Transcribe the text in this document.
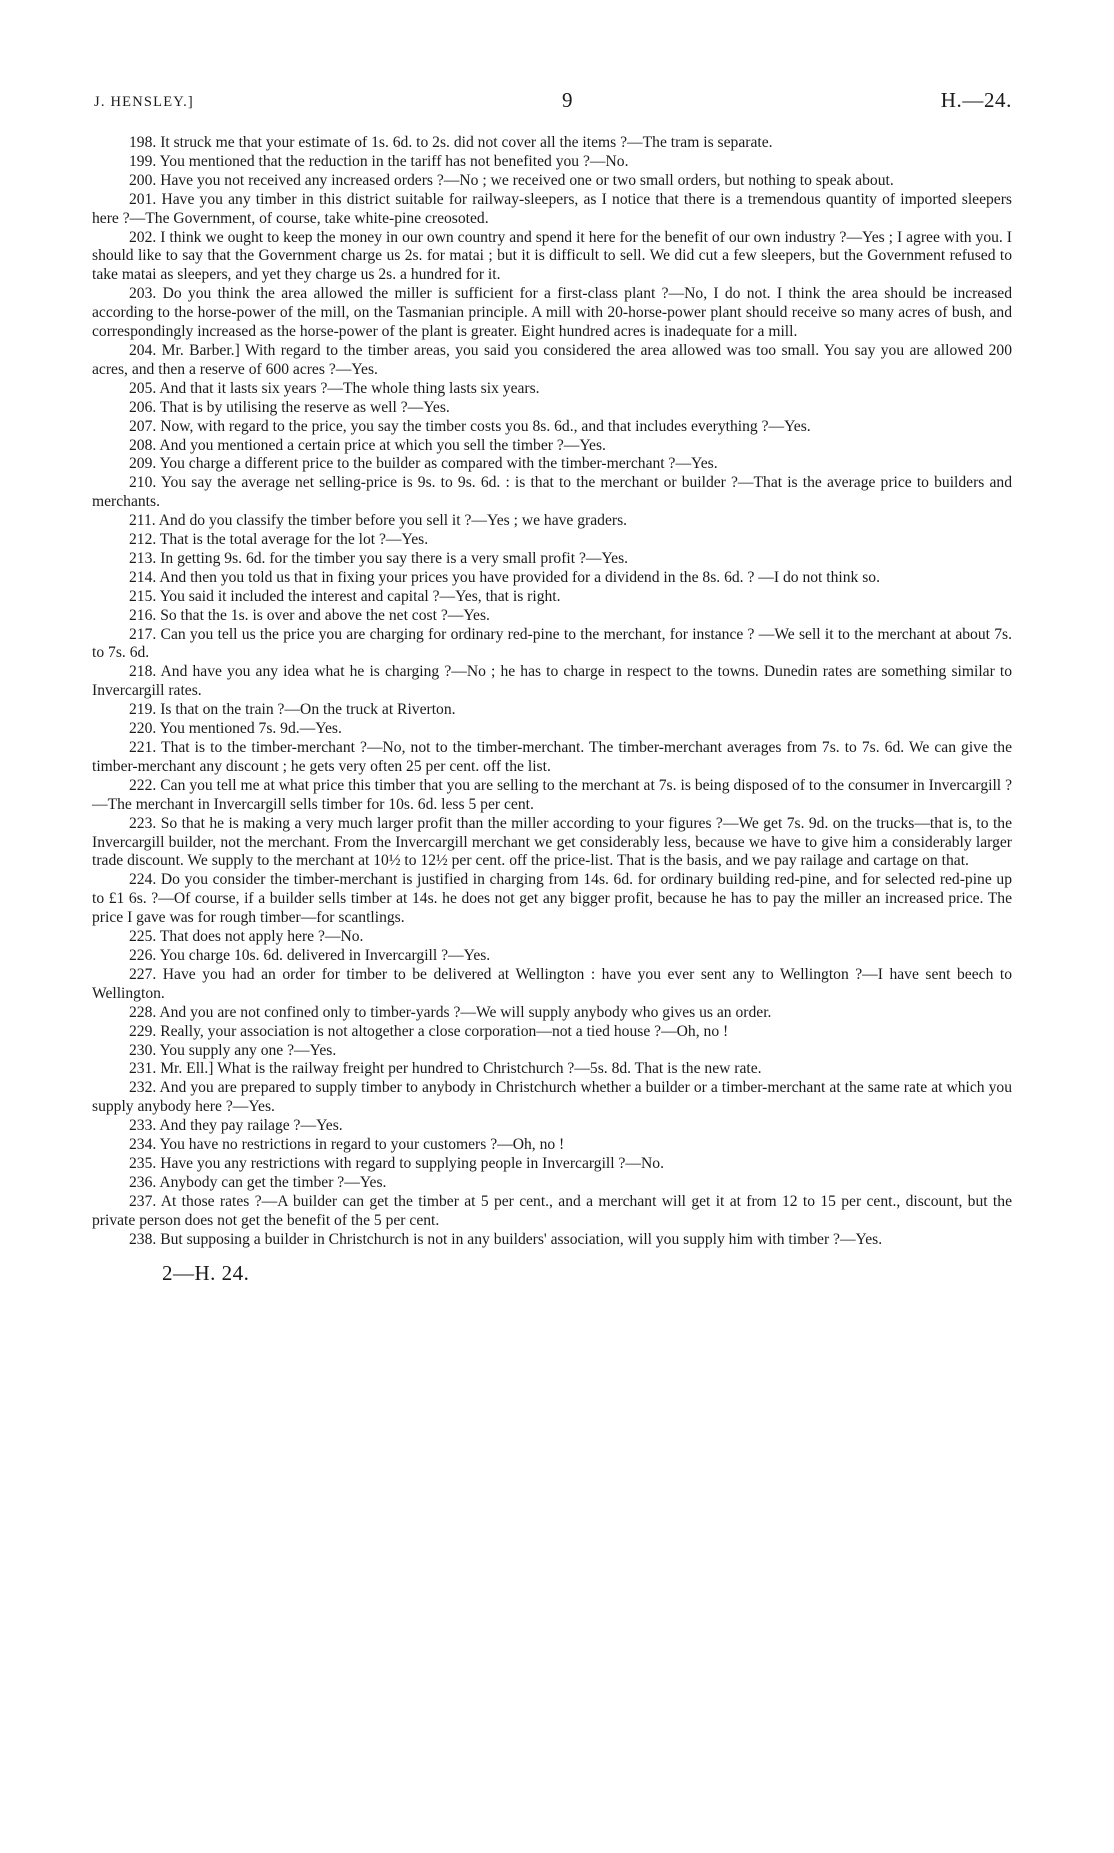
J. HENSLEY.]	9	H.—24.

198. It struck me that your estimate of 1s. 6d. to 2s. did not cover all the items ?—The tram is separate.

199. You mentioned that the reduction in the tariff has not benefited you ?—No.

200. Have you not received any increased orders ?—No ; we received one or two small orders, but nothing to speak about.

201. Have you any timber in this district suitable for railway-sleepers, as I notice that there is a tremendous quantity of imported sleepers here ?—The Government, of course, take white-pine creosoted.

202. I think we ought to keep the money in our own country and spend it here for the benefit of our own industry ?—Yes ; I agree with you. I should like to say that the Government charge us 2s. for matai ; but it is difficult to sell. We did cut a few sleepers, but the Government refused to take matai as sleepers, and yet they charge us 2s. a hundred for it.

203. Do you think the area allowed the miller is sufficient for a first-class plant ?—No, I do not. I think the area should be increased according to the horse-power of the mill, on the Tasmanian principle. A mill with 20-horse-power plant should receive so many acres of bush, and correspondingly increased as the horse-power of the plant is greater. Eight hundred acres is inadequate for a mill.

204. Mr. Barber.] With regard to the timber areas, you said you considered the area allowed was too small. You say you are allowed 200 acres, and then a reserve of 600 acres ?—Yes.

205. And that it lasts six years ?—The whole thing lasts six years.

206. That is by utilising the reserve as well ?—Yes.

207. Now, with regard to the price, you say the timber costs you 8s. 6d., and that includes everything ?—Yes.

208. And you mentioned a certain price at which you sell the timber ?—Yes.

209. You charge a different price to the builder as compared with the timber-merchant ?—Yes.

210. You say the average net selling-price is 9s. to 9s. 6d. : is that to the merchant or builder ?—That is the average price to builders and merchants.

211. And do you classify the timber before you sell it ?—Yes ; we have graders.

212. That is the total average for the lot ?—Yes.

213. In getting 9s. 6d. for the timber you say there is a very small profit ?—Yes.

214. And then you told us that in fixing your prices you have provided for a dividend in the 8s. 6d. ? —I do not think so.

215. You said it included the interest and capital ?—Yes, that is right.

216. So that the 1s. is over and above the net cost ?—Yes.

217. Can you tell us the price you are charging for ordinary red-pine to the merchant, for instance ? —We sell it to the merchant at about 7s. to 7s. 6d.

218. And have you any idea what he is charging ?—No ; he has to charge in respect to the towns. Dunedin rates are something similar to Invercargill rates.

219. Is that on the train ?—On the truck at Riverton.

220. You mentioned 7s. 9d.—Yes.

221. That is to the timber-merchant ?—No, not to the timber-merchant. The timber-merchant averages from 7s. to 7s. 6d. We can give the timber-merchant any discount ; he gets very often 25 per cent. off the list.

222. Can you tell me at what price this timber that you are selling to the merchant at 7s. is being disposed of to the consumer in Invercargill ?—The merchant in Invercargill sells timber for 10s. 6d. less 5 per cent.

223. So that he is making a very much larger profit than the miller according to your figures ?—We get 7s. 9d. on the trucks—that is, to the Invercargill builder, not the merchant. From the Invercargill merchant we get considerably less, because we have to give him a considerably larger trade discount. We supply to the merchant at 10½ to 12½ per cent. off the price-list. That is the basis, and we pay railage and cartage on that.

224. Do you consider the timber-merchant is justified in charging from 14s. 6d. for ordinary building red-pine, and for selected red-pine up to £1 6s. ?—Of course, if a builder sells timber at 14s. he does not get any bigger profit, because he has to pay the miller an increased price. The price I gave was for rough timber—for scantlings.

225. That does not apply here ?—No.

226. You charge 10s. 6d. delivered in Invercargill ?—Yes.

227. Have you had an order for timber to be delivered at Wellington : have you ever sent any to Wellington ?—I have sent beech to Wellington.

228. And you are not confined only to timber-yards ?—We will supply anybody who gives us an order.

229. Really, your association is not altogether a close corporation—not a tied house ?—Oh, no !

230. You supply any one ?—Yes.

231. Mr. Ell.] What is the railway freight per hundred to Christchurch ?—5s. 8d. That is the new rate.

232. And you are prepared to supply timber to anybody in Christchurch whether a builder or a timber-merchant at the same rate at which you supply anybody here ?—Yes.

233. And they pay railage ?—Yes.

234. You have no restrictions in regard to your customers ?—Oh, no !

235. Have you any restrictions with regard to supplying people in Invercargill ?—No.

236. Anybody can get the timber ?—Yes.

237. At those rates ?—A builder can get the timber at 5 per cent., and a merchant will get it at from 12 to 15 per cent., discount, but the private person does not get the benefit of the 5 per cent.

238. But supposing a builder in Christchurch is not in any builders' association, will you supply him with timber ?—Yes.

2—H. 24.
